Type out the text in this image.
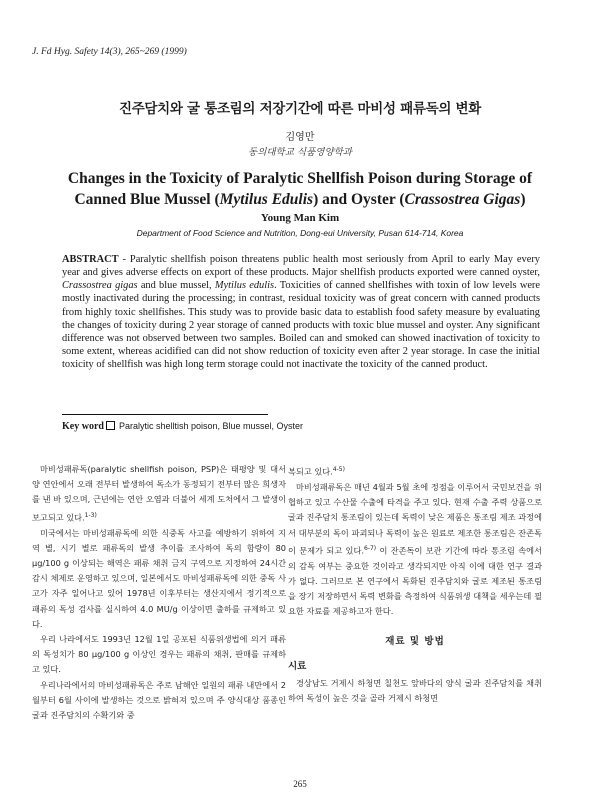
J. Fd Hyg. Safety 14(3), 265~269 (1999)
진주담치와 굴 통조림의 저장기간에 따른 마비성 패류독의 변화
김영만
동의대학교 식품영양학과
Changes in the Toxicity of Paralytic Shellfish Poison during Storage of
Canned Blue Mussel (Mytilus Edulis) and Oyster (Crassostrea Gigas)
Young Man Kim
Department of Food Science and Nutrition, Dong-eui University, Pusan 614-714, Korea
ABSTRACT - Paralytic shellfish poison threatens public health most seriously from April to early May every year and gives adverse effects on export of these products. Major shellfish products exported were canned oyster, Crassostrea gigas and blue mussel, Mytilus edulis. Toxicities of canned shellfishes with toxin of low levels were mostly inactivated during the processing; in contrast, residual toxicity was of great concern with canned products from highly toxic shellfishes. This study was to provide basic data to establish food safety measure by evaluating the changes of toxicity during 2 year storage of canned products with toxic blue mussel and oyster. Any significant difference was not observed between two samples. Boiled can and smoked can showed inactivation of toxicity to some extent, whereas acidified can did not show reduction of toxicity even after 2 year storage. In case the initial toxicity of shellfish was high long term storage could not inactivate the toxicity of the canned product.
Key word Paralytic shelltish poison, Blue mussel, Oyster

마비성패류독(paralytic shellfish poison, PSP)은 태평양 및 대서양 연안에서 오래 전부터 발생하여 독소가 동정되기 전부터 많은 희생자를 낸 바 있으며, 근년에는 연안 오염과 더불어 세계 도처에서 그 발생이 보고되고 있다.$^{1-3)}$

미국에서는 마비성패류독에 의한 식중독 사고를 예방하기 위하여 지역 별, 시기 별로 패류독의 발생 추이를 조사하여 독의 함량이 80 μg/100 g 이상되는 해역은 패류 채취 금지 구역으로 지정하여 24시간 감시 체제로 운영하고 있으며, 일본에서도 마비성패류독에 의한 중독 사고가 자주 일어나고 있어 1978년 이후부터는 생산지에서 정기적으로 패류의 독성 검사를 실시하여 4.0 MU/g 이상이면 출하를 규제하고 있다.

우리 나라에서도 1993년 12월 1일 공포된 식품위생법에 의거 패류의 독성치가 80 μg/100 g 이상인 경우는 패류의 채취, 판매를 규제하고 있다.

우리나라에서의 마비성패류독은 주로 남해안 일원의 패류 내만에서 2월부터 6월 사이에 발생하는 것으로 밝혀져 있으며 주 양식대상 품종인 굴과 진주담치의 수확기와 중

복되고 있다.$^{4-5)}$

마비성패류독은 매년 4월과 5월 초에 정점을 이루어서 국민보건을 위협하고 있고 수산물 수출에 타격을 주고 있다. 현재 수출 주력 상품으로 굴과 진주담치 통조림이 있는데 독력이 낮은 제품은 통조림 제조 과정에서 대부분의 독이 파괴되나 독력이 높은 원료로 제조한 통조림은 잔존독이 문제가 되고 있다.$^{6-7)}$ 이 잔존독이 보관 기간에 따라 통조림 속에서의 감독 여부는 중요한 것이라고 생각되지만 아직 이에 대한 연구 결과가 없다. 그러므로 본 연구에서 독화된 진주담치와 굴로 제조된 통조림을 장기 저장하면서 독력 변화를 측정하여 식품위생 대책을 세우는데 필요한 자료를 제공하고자 한다.

재료 및 방법

시료

경상남도 거제시 하청면 칠천도 앞바다의 양식 굴과 진주담치를 채취하여 독성이 높은 것을 골라 거제시 하청면

265
